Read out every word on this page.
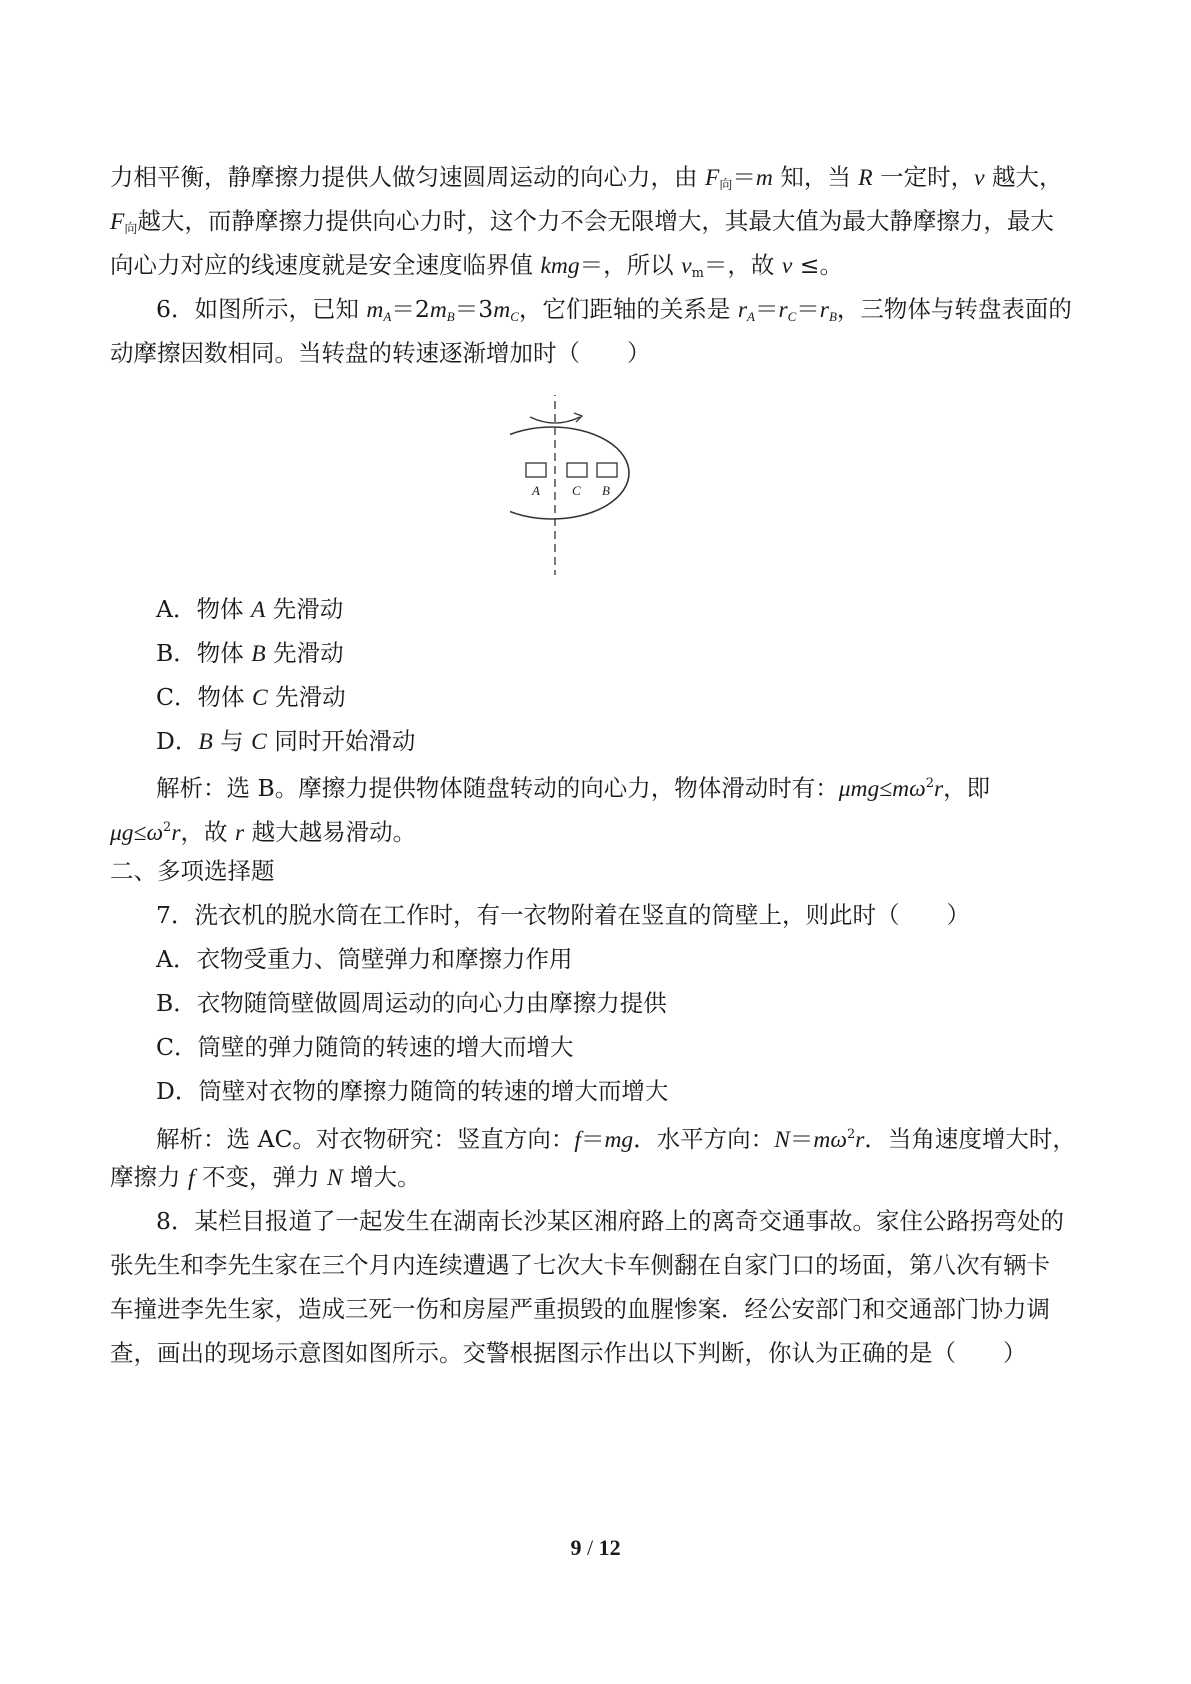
力相平衡，静摩擦力提供人做匀速圆周运动的向心力，由 $F_向=m$ 知，当 R 一定时，v 越大，
$F_向$越大，而静摩擦力提供向心力时，这个力不会无限增大，其最大值为最大静摩擦力，最大
向心力对应的线速度就是安全速度临界值 kmg＝，所以 $v_m=$，故 v ≤。
6．如图所示，已知 $m_A=2m_B=3m_C$，它们距轴的关系是 $r_A=r_C=r_B$，三物体与转盘表面的
动摩擦因数相同。当转盘的转速逐渐增加时（　　）
A C B
A．物体 A 先滑动
B．物体 B 先滑动
C．物体 C 先滑动
D．B 与 C 同时开始滑动
解析：选 B。摩擦力提供物体随盘转动的向心力，物体滑动时有：$\mu mg\le m\omega^2r$，即
$\mu g\le\omega^2r$，故 r 越大越易滑动。
二、多项选择题
7．洗衣机的脱水筒在工作时，有一衣物附着在竖直的筒壁上，则此时（　　）
A．衣物受重力、筒壁弹力和摩擦力作用
B．衣物随筒壁做圆周运动的向心力由摩擦力提供
C．筒壁的弹力随筒的转速的增大而增大
D．筒壁对衣物的摩擦力随筒的转速的增大而增大
解析：选 AC。对衣物研究：竖直方向：f＝mg．水平方向：$N=m\omega^2r$．当角速度增大时，
摩擦力 f 不变，弹力 N 增大。
8．某栏目报道了一起发生在湖南长沙某区湘府路上的离奇交通事故。家住公路拐弯处的
张先生和李先生家在三个月内连续遭遇了七次大卡车侧翻在自家门口的场面，第八次有辆卡
车撞进李先生家，造成三死一伤和房屋严重损毁的血腥惨案．经公安部门和交通部门协力调
查，画出的现场示意图如图所示。交警根据图示作出以下判断，你认为正确的是（　　）
9 / 12
